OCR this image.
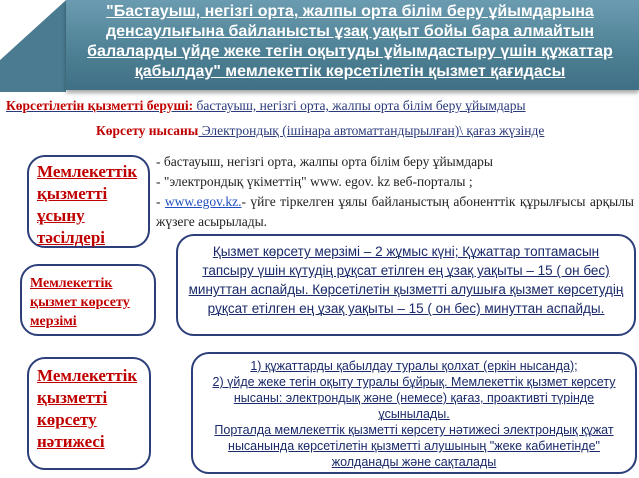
"Бастауыш, негізгі орта, жалпы орта білім беру ұйымдарына денсаулығына байланысты ұзақ уақыт бойы бара алмайтын балаларды үйде жеке тегін оқытуды ұйымдастыру үшін құжаттар қабылдау" мемлекеттік көрсетілетін қызмет қағидасы
Көрсетілетін қызметті беруші: бастауыш, негізгі орта, жалпы орта білім беру ұйымдары
Көрсету нысаны Электрондық (ішінара автоматтандырылған)\ қағаз жүзінде
Мемлекеттік қызметті ұсыну тәсілдері
Мемлекеттік қызмет көрсету мерзімі
Мемлекеттік қызметті көрсету нәтижесі
- бастауыш, негізгі орта, жалпы орта білім беру ұйымдары
- "электрондық үкіметтің" www. egov. kz веб-порталы ;
- www.egov.kz.- үйге тіркелген ұялы байланыстың абоненттік құрылғысы арқылы жүзеге асырылады.

Қызмет көрсету мерзімі – 2 жұмыс күні; Құжаттар топтамасын тапсыру үшін күтудің рұқсат етілген ең ұзақ уақыты – 15 ( он бес) минуттан аспайды. Көрсетілетін қызметті алушыға қызмет көрсетудің рұқсат етілген ең ұзақ уақыты – 15 ( он бес) минуттан аспайды.

1) құжаттарды қабылдау туралы қолхат (еркін нысанда);

2) үйде жеке тегін оқыту туралы бұйрық. Мемлекеттік қызмет көрсету нысаны: электрондық және (немесе) қағаз, проактивті түрінде ұсынылады.

Порталда мемлекеттік қызметті көрсету нәтижесі электрондық құжат нысанында көрсетілетін қызметті алушының "жеке кабинетінде" жолданады және сақталады
